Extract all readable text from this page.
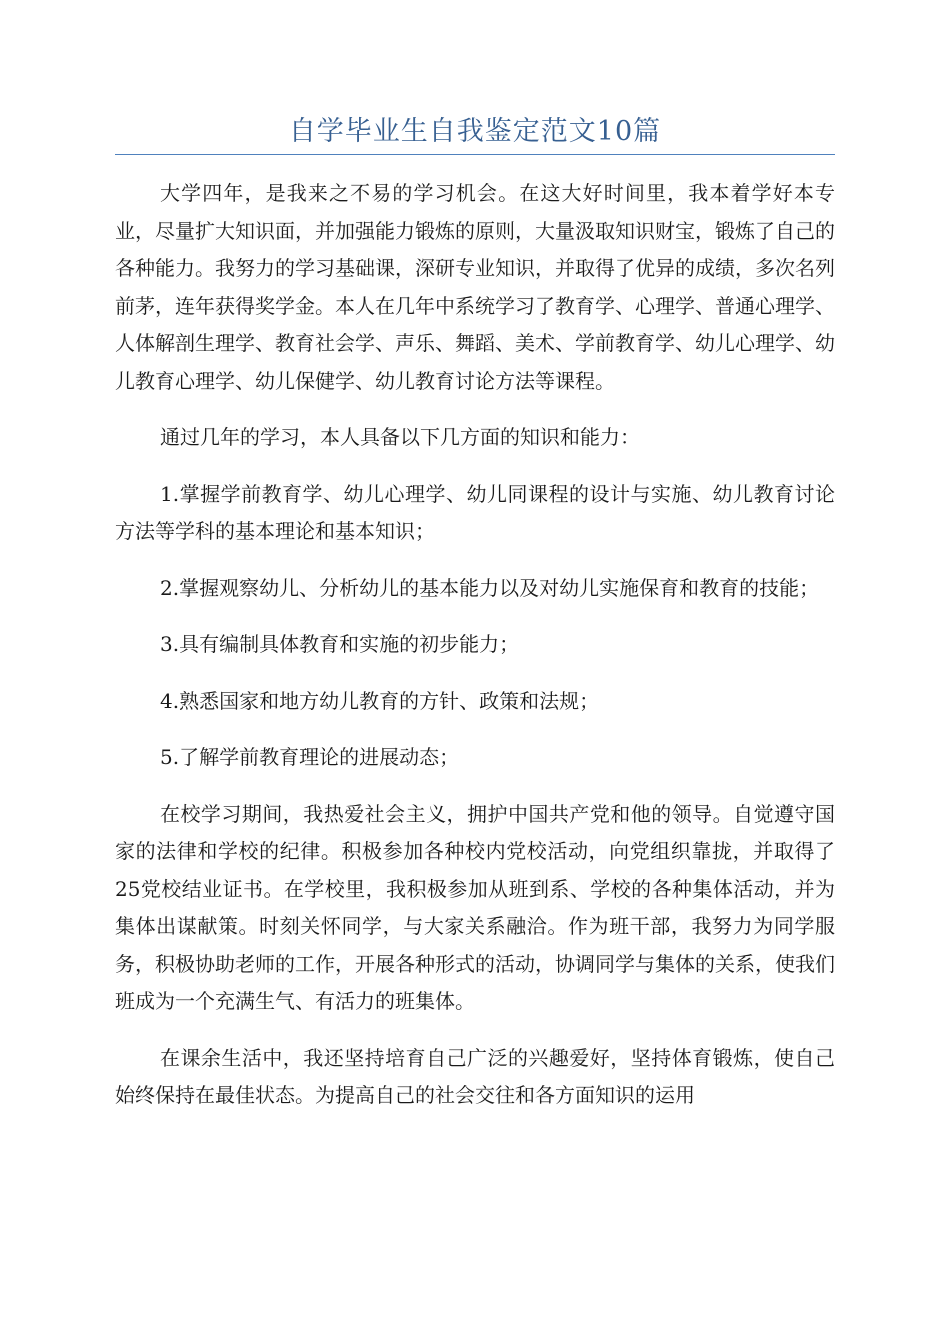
自学毕业生自我鉴定范文10篇

大学四年，是我来之不易的学习机会。在这大好时间里，我本着学好本专业，尽量扩大知识面，并加强能力锻炼的原则，大量汲取知识财宝，锻炼了自己的各种能力。我努力的学习基础课，深研专业知识，并取得了优异的成绩，多次名列前茅，连年获得奖学金。本人在几年中系统学习了教育学、心理学、普通心理学、人体解剖生理学、教育社会学、声乐、舞蹈、美术、学前教育学、幼儿心理学、幼儿教育心理学、幼儿保健学、幼儿教育讨论方法等课程。

通过几年的学习，本人具备以下几方面的知识和能力：

1.掌握学前教育学、幼儿心理学、幼儿同课程的设计与实施、幼儿教育讨论方法等学科的基本理论和基本知识；

2.掌握观察幼儿、分析幼儿的基本能力以及对幼儿实施保育和教育的技能；

3.具有编制具体教育和实施的初步能力；

4.熟悉国家和地方幼儿教育的方针、政策和法规；

5.了解学前教育理论的进展动态；

在校学习期间，我热爱社会主义，拥护中国共产党和他的领导。自觉遵守国家的法律和学校的纪律。积极参加各种校内党校活动，向党组织靠拢，并取得了25党校结业证书。在学校里，我积极参加从班到系、学校的各种集体活动，并为集体出谋献策。时刻关怀同学，与大家关系融洽。作为班干部，我努力为同学服务，积极协助老师的工作，开展各种形式的活动，协调同学与集体的关系，使我们班成为一个充满生气、有活力的班集体。

在课余生活中，我还坚持培育自己广泛的兴趣爱好，坚持体育锻炼，使自己始终保持在最佳状态。为提高自己的社会交往和各方面知识的运用
